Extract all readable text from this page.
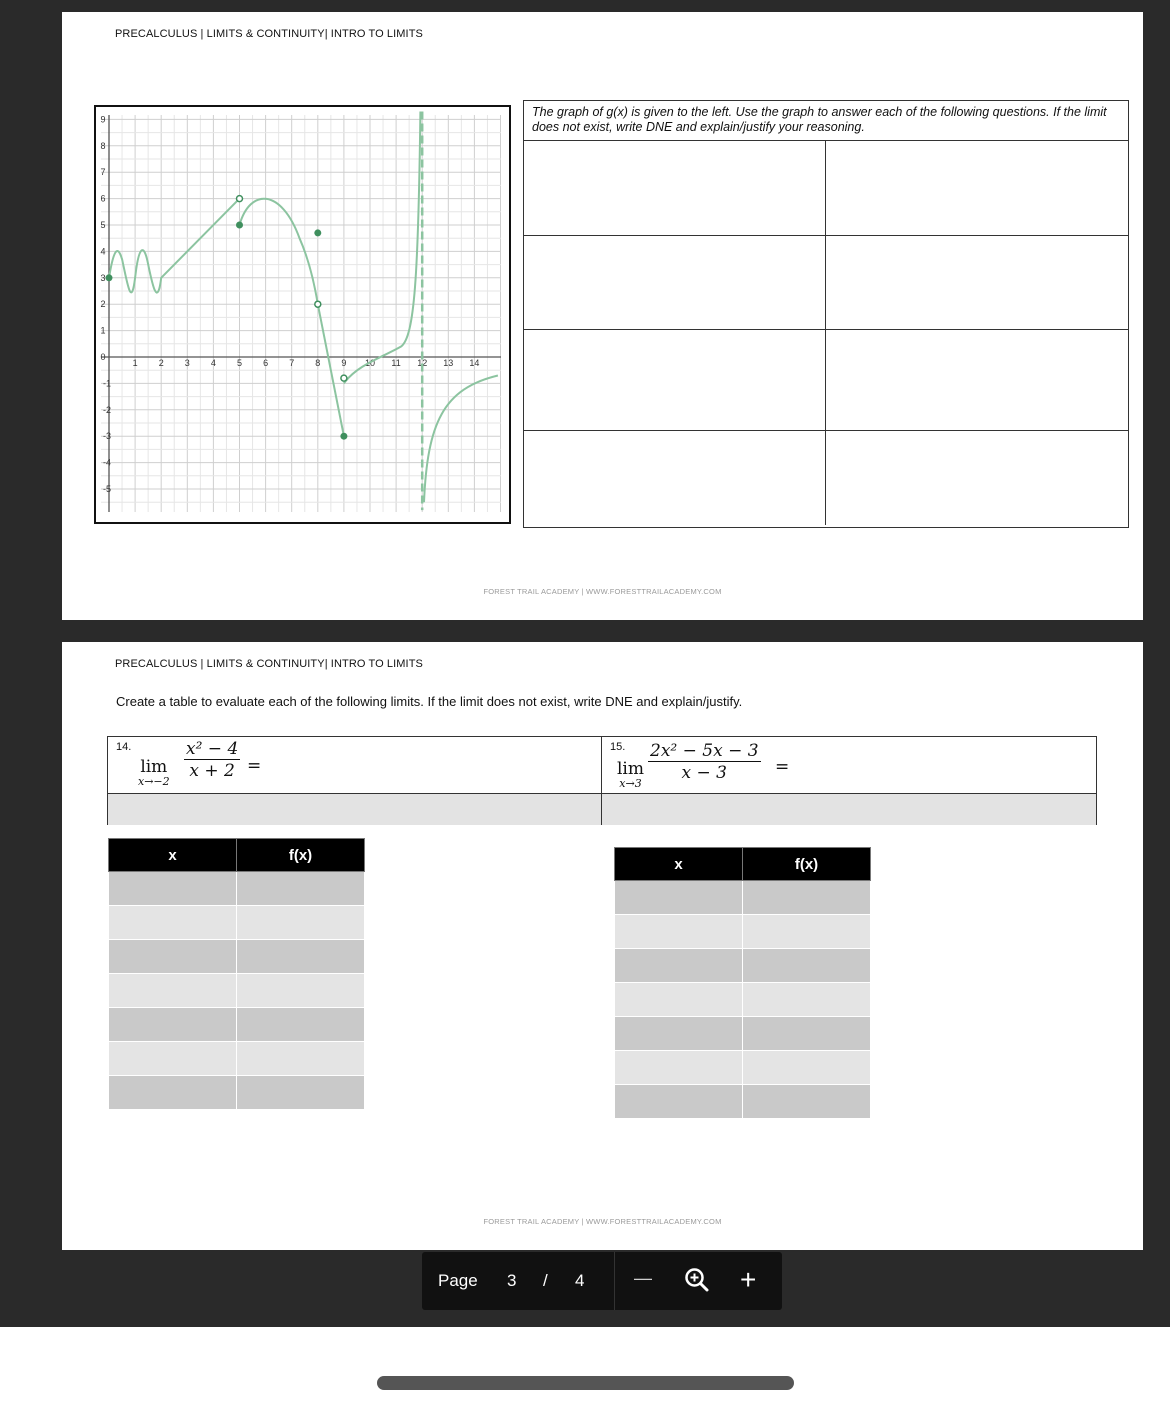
PRECALCULUS | LIMITS & CONTINUITY| INTRO TO LIMITS
1 2 3 4 5 6 7 8 9 10 11 12 13 14
9
8
7
6
5
4
3
2
1
-1
-2
-3
-4
-5
0
The graph of g(x) is given to the left. Use the graph to answer each of the following questions. If the limit does not exist, write DNE and explain/justify your reasoning.
FOREST TRAIL ACADEMY | WWW.FORESTTRAILACADEMY.COM
PRECALCULUS | LIMITS & CONTINUITY| INTRO TO LIMITS
Create a table to evaluate each of the following limits. If the limit does not exist, write DNE and explain/justify.
14.
lim
x→−2
$\frac{\text{x² − 4}}{x + 2}$ =
15.
lim
x→3
$\frac{\text{2x² − 5x − 3}}{x - 3}$ =
x	f(x)

x	f(x)

FOREST TRAIL ACADEMY | WWW.FORESTTRAILACADEMY.COM
Page 3 / 4	—	+
